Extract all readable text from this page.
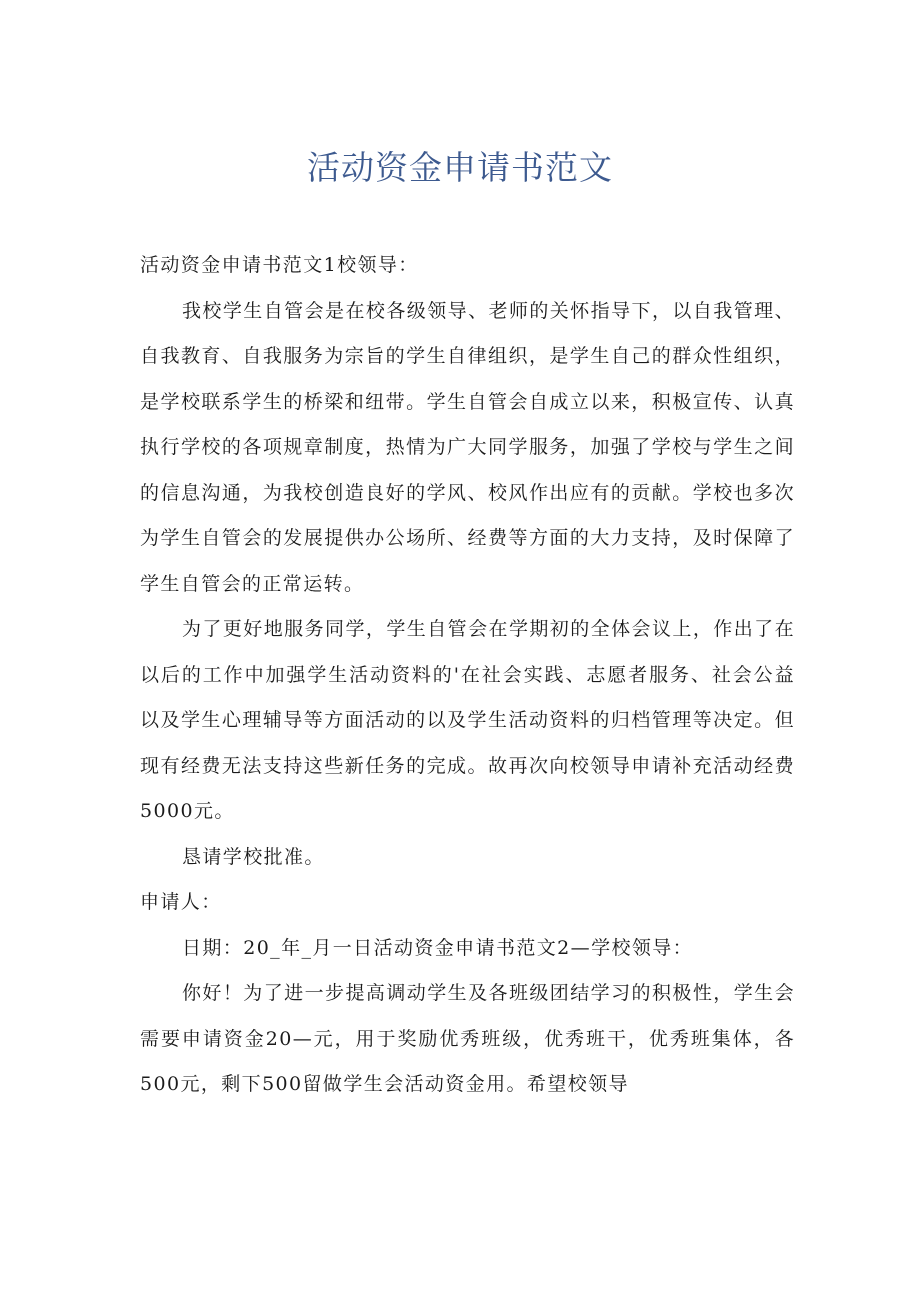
活动资金申请书范文

活动资金申请书范文1校领导：

我校学生自管会是在校各级领导、老师的关怀指导下，以自我管理、自我教育、自我服务为宗旨的学生自律组织，是学生自己的群众性组织，是学校联系学生的桥梁和纽带。学生自管会自成立以来，积极宣传、认真执行学校的各项规章制度，热情为广大同学服务，加强了学校与学生之间的信息沟通，为我校创造良好的学风、校风作出应有的贡献。学校也多次为学生自管会的发展提供办公场所、经费等方面的大力支持，及时保障了学生自管会的正常运转。

为了更好地服务同学，学生自管会在学期初的全体会议上，作出了在以后的工作中加强学生活动资料的'在社会实践、志愿者服务、社会公益以及学生心理辅导等方面活动的以及学生活动资料的归档管理等决定。但现有经费无法支持这些新任务的完成。故再次向校领导申请补充活动经费5000元。

恳请学校批准。

申请人：

日期：20_年_月一日活动资金申请书范文2—学校领导：

你好！为了进一步提高调动学生及各班级团结学习的积极性，学生会需要申请资金20—元，用于奖励优秀班级，优秀班干，优秀班集体，各500元，剩下500留做学生会活动资金用。希望校领导
